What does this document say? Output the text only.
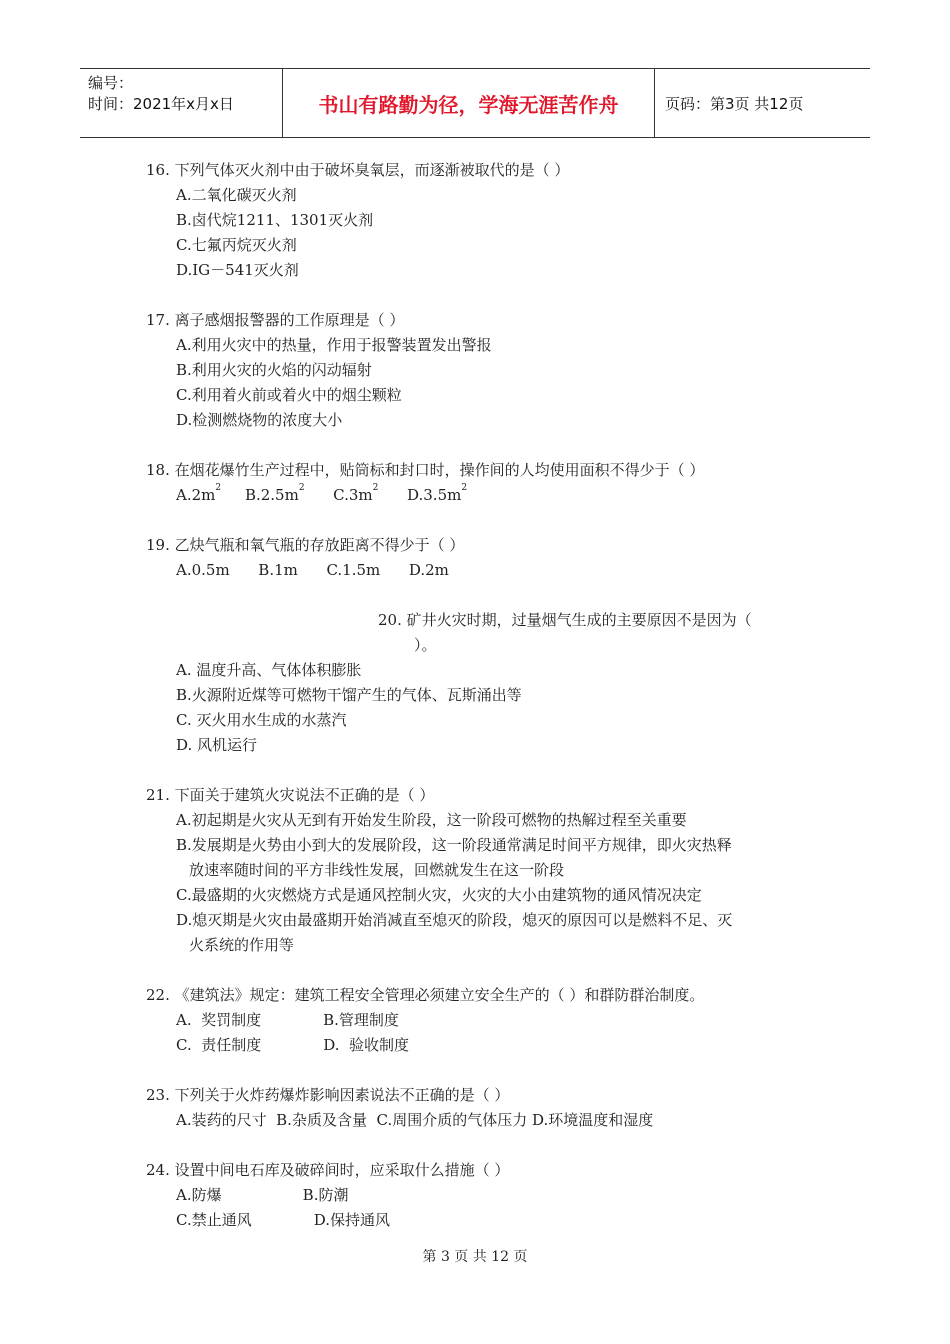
编号：
时间：2021年x月x日	书山有路勤为径，学海无涯苦作舟	页码：第3页 共12页
16. 下列气体灭火剂中由于破坏臭氧层，而逐渐被取代的是（ ）
A.二氧化碳灭火剂
B.卤代烷1211、1301灭火剂
C.七氟丙烷灭火剂
D.IG－541灭火剂
17. 离子感烟报警器的工作原理是（ ）
A.利用火灾中的热量，作用于报警装置发出警报
B.利用火灾的火焰的闪动辐射
C.利用着火前或着火中的烟尘颗粒
D.检测燃烧物的浓度大小
18. 在烟花爆竹生产过程中，贴筒标和封口时，操作间的人均使用面积不得少于（ ）
$A.2m^2$ $B.2.5m^2$ $C.3m^2$ $D.3.5m^2$
19. 乙炔气瓶和氧气瓶的存放距离不得少于（ ）
A.0.5m B.1m C.1.5m D.2m
20. 矿井火灾时期，过量烟气生成的主要原因不是因为（
）。
A. 温度升高、气体体积膨胀
B.火源附近煤等可燃物干馏产生的气体、瓦斯涌出等
C. 灭火用水生成的水蒸汽
D. 风机运行
21. 下面关于建筑火灾说法不正确的是（ ）
A.初起期是火灾从无到有开始发生阶段，这一阶段可燃物的热解过程至关重要
B.发展期是火势由小到大的发展阶段，这一阶段通常满足时间平方规律，即火灾热释
放速率随时间的平方非线性发展，回燃就发生在这一阶段
C.最盛期的火灾燃烧方式是通风控制火灾，火灾的大小由建筑物的通风情况决定
D.熄灭期是火灾由最盛期开始消减直至熄灭的阶段，熄灭的原因可以是燃料不足、灭
火系统的作用等
22. 《建筑法》规定：建筑工程安全管理必须建立安全生产的（ ）和群防群治制度。
A.  奖罚制度	B.管理制度
C.  责任制度	D.  验收制度
23. 下列关于火炸药爆炸影响因素说法不正确的是（ ）
A.装药的尺寸 B.杂质及含量 C.周围介质的气体压力 D.环境温度和湿度
24. 设置中间电石库及破碎间时，应采取什么措施（ ）
A.防爆	B.防潮
C.禁止通风	D.保持通风
第 3 页 共 12 页
